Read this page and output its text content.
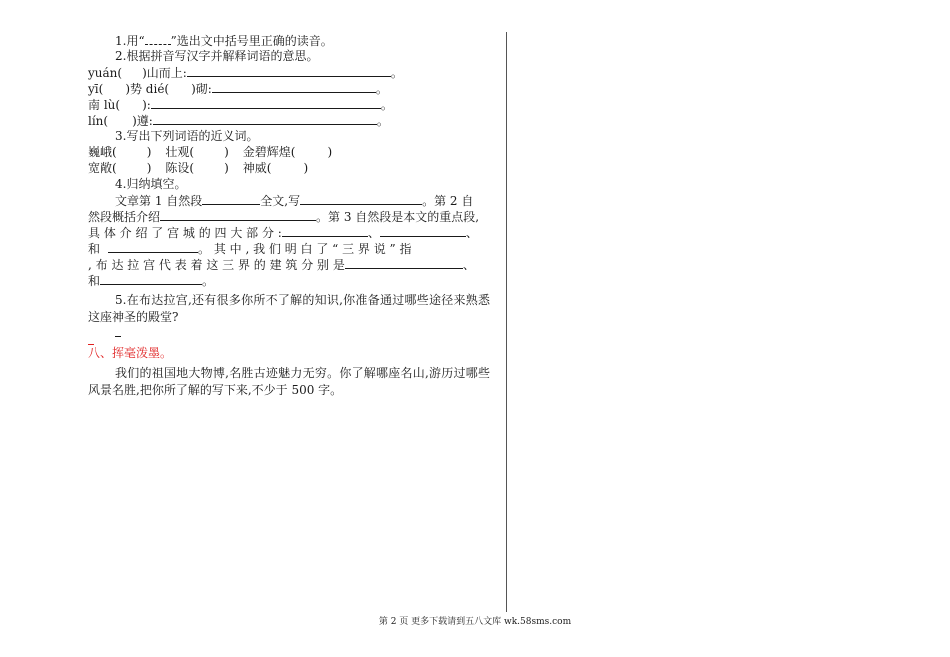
1.用“ ”选出文中括号里正确的读音。
2.根据拼音写汉字并解释词语的意思。
yuán( )山而上:	。
yī( )势 dié( )砌:	。
南 lù( ):	。
lín( )遵:	。
3.写出下列词语的近义词。
巍峨(	) 壮观(	) 金碧辉煌(	)
宽敞(	) 陈设(	) 神威(	)
4.归纳填空。
文章第 1 自然段	全文,写	。第 2 自
然段概括介绍	。第 3 自然段是本文的重点段,
具 体 介 绍 了 宫 城 的 四 大 部 分 :	、	、
和	。 其 中 , 我 们 明 白 了 “ 三 界 说 ” 指
, 布 达 拉 宫 代 表 着 这 三 界 的 建 筑 分 别 是	、
和	。

5.在布达拉宫,还有很多你所不了解的知识,你准备通过哪些途径来熟悉这座神圣的殿堂?

八、挥毫泼墨。

我们的祖国地大物博,名胜古迹魅力无穷。你了解哪座名山,游历过哪些风景名胜,把你所了解的写下来,不少于 500 字。

第 2 页 更多下载请到五八文库 wk.58sms.com
